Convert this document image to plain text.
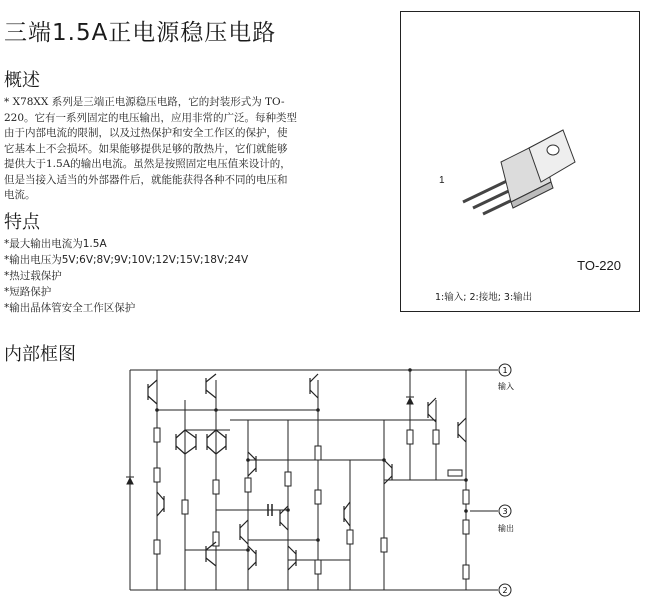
三端1.5A正电源稳压电路
概述
* X78XX 系列是三端正电源稳压电路，它的封装形式为 TO-
220。它有一系列固定的电压输出，应用非常的广泛。每种类型
由于内部电流的限制，以及过热保护和安全工作区的保护，使
它基本上不会损坏。如果能够提供足够的散热片，它们就能够
提供大于1.5A的输出电流。虽然是按照固定电压值来设计的，
但是当接入适当的外部器件后，就能能获得各种不同的电压和
电流。
特点
*最大输出电流为1.5A
*输出电压为5V;6V;8V;9V;10V;12V;15V;18V;24V
*热过载保护
*短路保护
*输出晶体管安全工作区保护
1
TO-220
1:输入; 2:接地; 3:输出
内部框图
1
输入
3
输出
2
